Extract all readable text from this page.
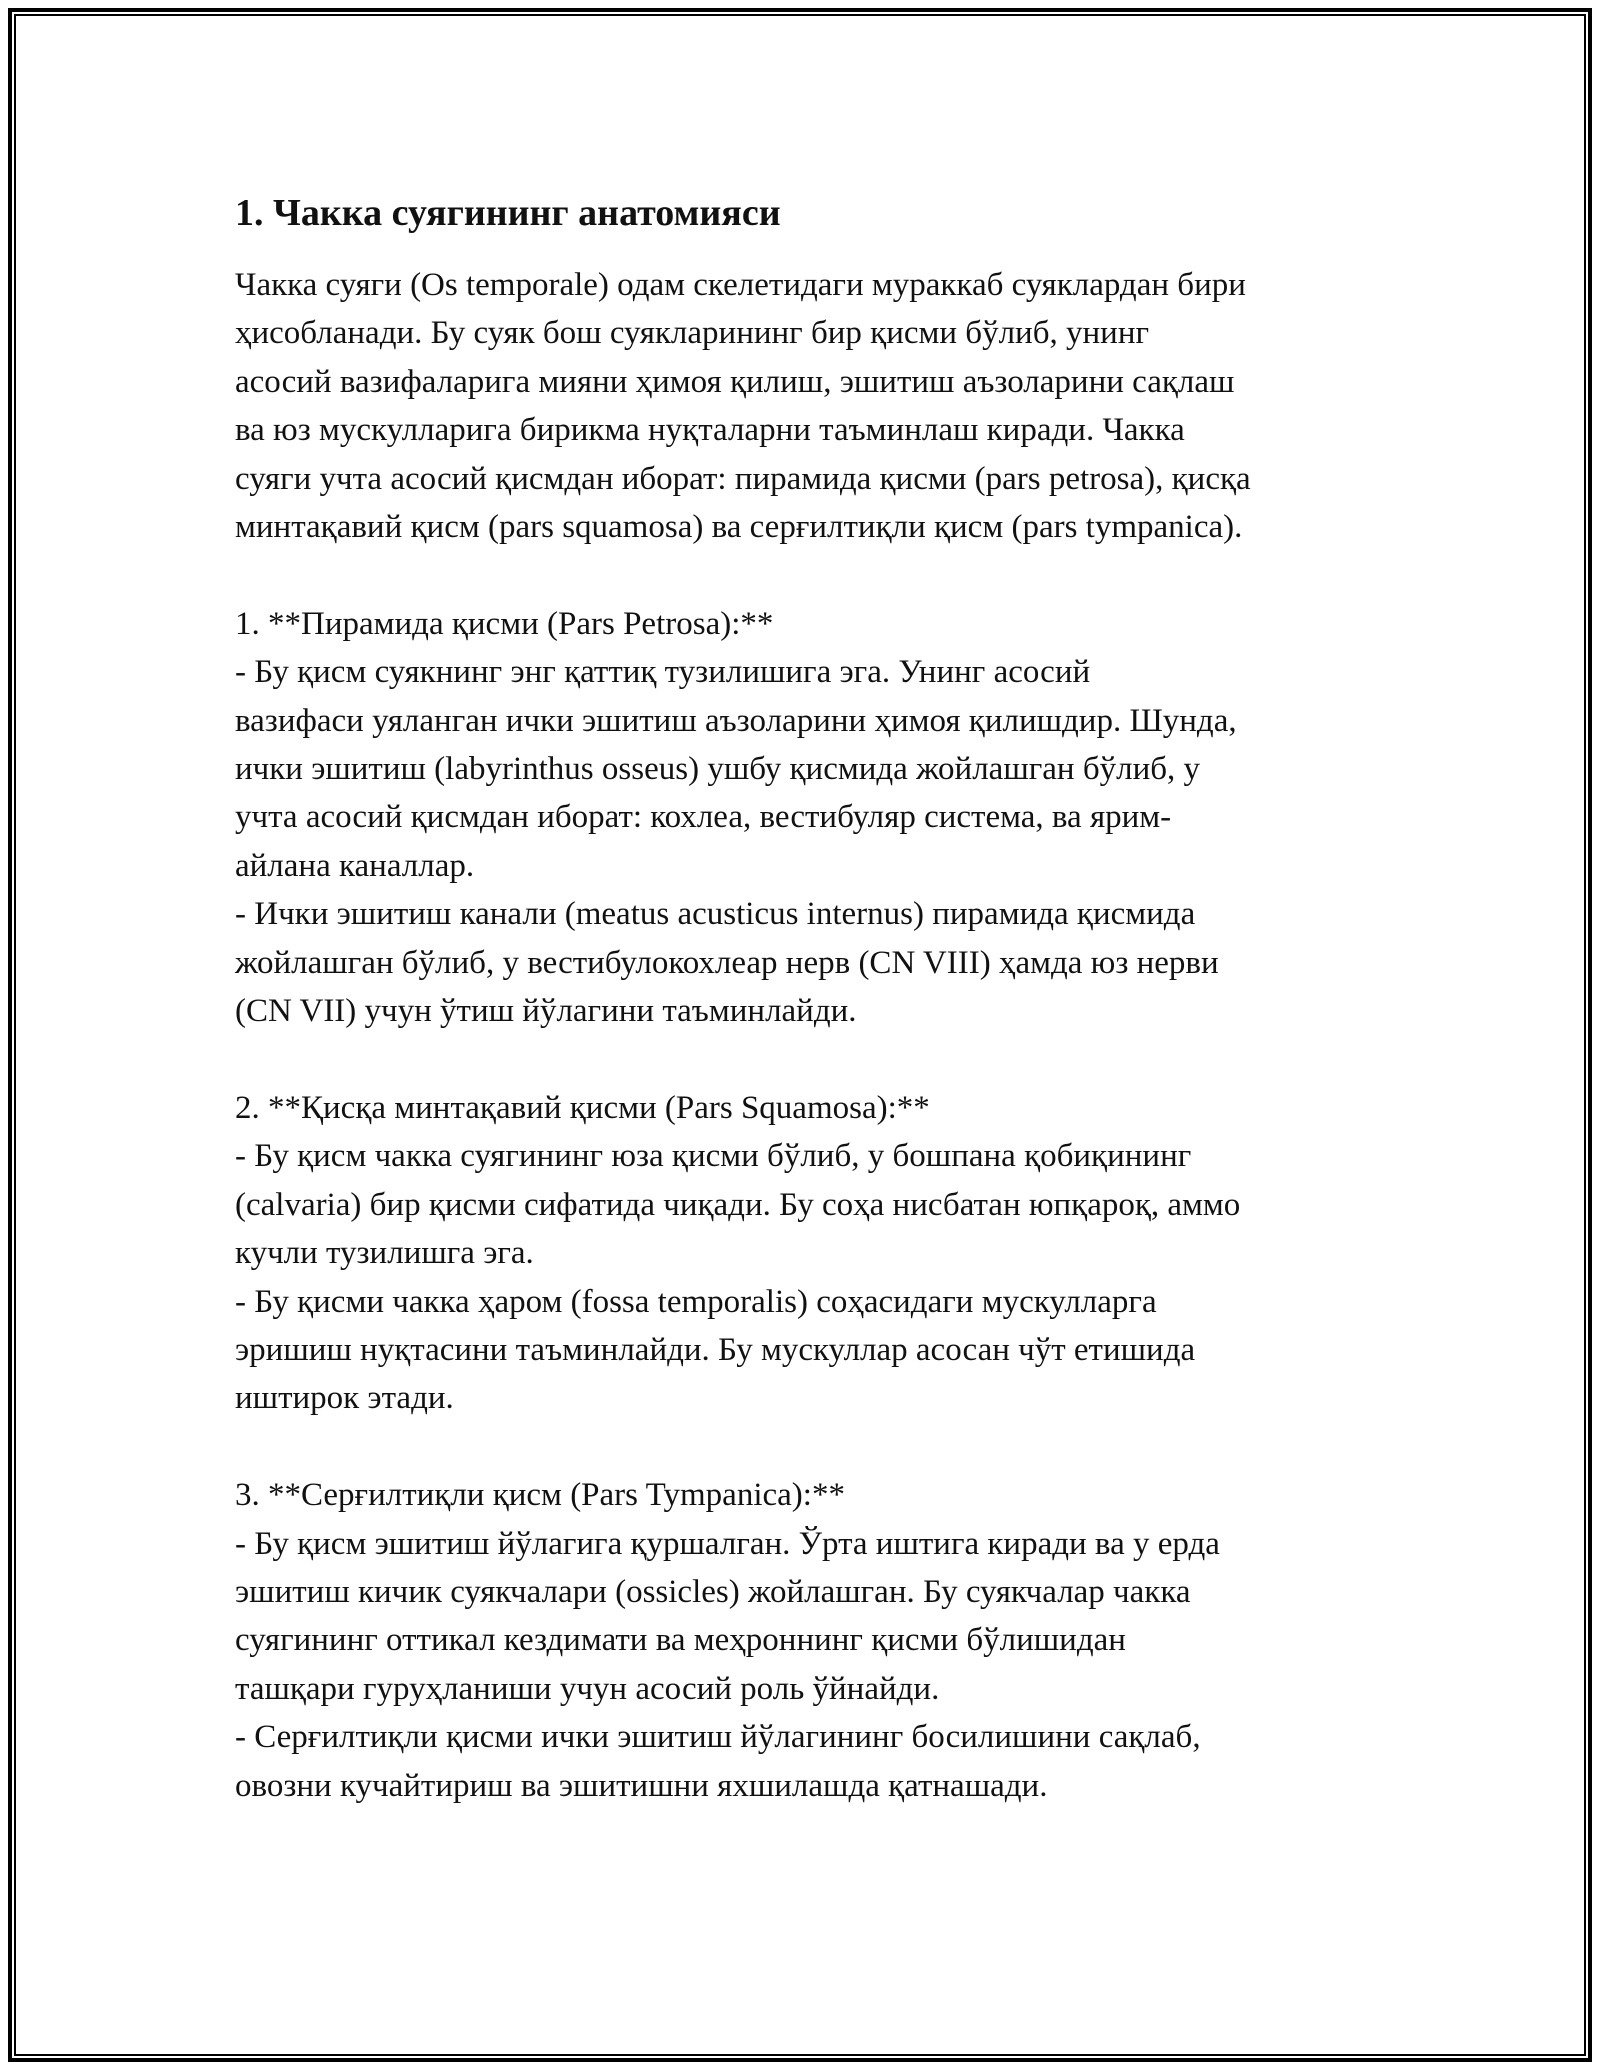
1. Чакка суягининг анатомияси

Чакка суяги (Os temporale) одам скелетидаги мураккаб суяклардан бири
ҳисобланади. Бу суяк бош суякларининг бир қисми бўлиб, унинг
асосий вазифаларига мияни ҳимоя қилиш, эшитиш аъзоларини сақлаш
ва юз мускулларига бирикма нуқталарни таъминлаш киради. Чакка
суяги учта асосий қисмдан иборат: пирамида қисми (pars petrosa), қисқа
минтақавий қисм (pars squamosa) ва серғилтиқли қисм (pars tympanica).

1. **Пирамида қисми (Pars Petrosa):**

- Бу қисм суякнинг энг қаттиқ тузилишига эга. Унинг асосий
вазифаси уяланган ички эшитиш аъзоларини ҳимоя қилишдир. Шунда,
ички эшитиш (labyrinthus osseus) ушбу қисмида жойлашган бўлиб, у
учта асосий қисмдан иборат: кохлеа, вестибуляр система, ва ярим-
айлана каналлар.

- Ички эшитиш канали (meatus acusticus internus) пирамида қисмида
жойлашган бўлиб, у вестибулокохлеар нерв (CN VIII) ҳамда юз нерви
(CN VII) учун ўтиш йўлагини таъминлайди.

2. **Қисқа минтақавий қисми (Pars Squamosa):**

- Бу қисм чакка суягининг юза қисми бўлиб, у бошпана қобиқининг
(calvaria) бир қисми сифатида чиқади. Бу соҳа нисбатан юпқароқ, аммо
кучли тузилишга эга.

- Бу қисми чакка ҳаром (fossa temporalis) соҳасидаги мускулларга
эришиш нуқтасини таъминлайди. Бу мускуллар асосан чўт етишида
иштирок этади.

3. **Серғилтиқли қисм (Pars Tympanica):**

- Бу қисм эшитиш йўлагига қуршалган. Ўрта иштига киради ва у ерда
эшитиш кичик суякчалари (ossicles) жойлашган. Бу суякчалар чакка
суягининг оттикал кездимати ва меҳроннинг қисми бўлишидан
ташқари гуруҳланиши учун асосий роль ўйнайди.

- Серғилтиқли қисми ички эшитиш йўлагининг босилишини сақлаб,
овозни кучайтириш ва эшитишни яхшилашда қатнашади.
